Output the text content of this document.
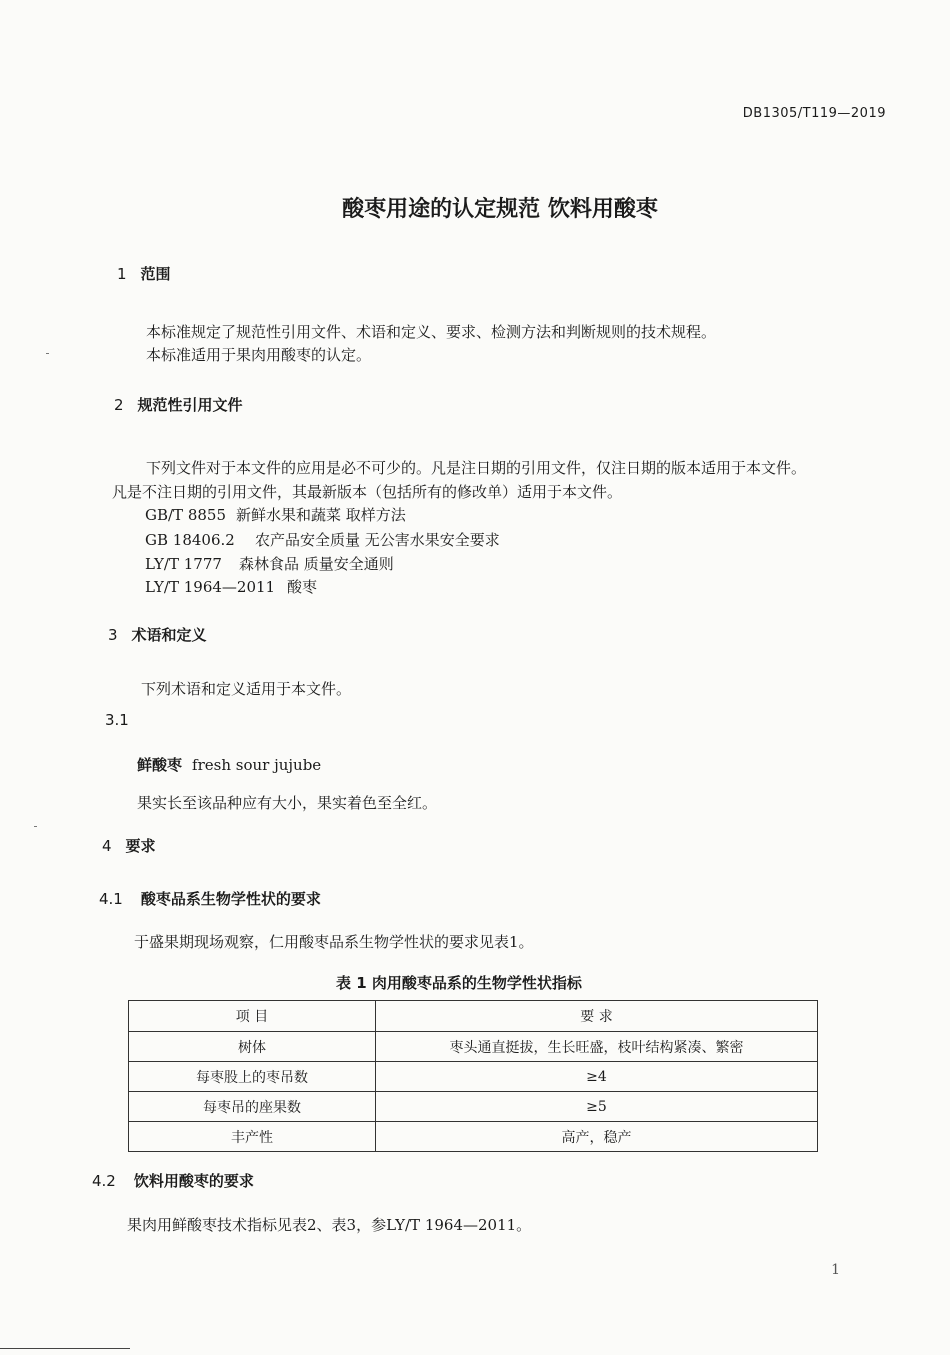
DB1305/T119—2019
酸枣用途的认定规范 饮料用酸枣
1 范围
本标准规定了规范性引用文件、术语和定义、要求、检测方法和判断规则的技术规程。
本标准适用于果肉用酸枣的认定。
2 规范性引用文件
下列文件对于本文件的应用是必不可少的。凡是注日期的引用文件，仅注日期的版本适用于本文件。
凡是不注日期的引用文件，其最新版本（包括所有的修改单）适用于本文件。
GB/T 8855 新鲜水果和蔬菜 取样方法
GB 18406.2 农产品安全质量 无公害水果安全要求
LY/T 1777 森林食品 质量安全通则
LY/T 1964—2011 酸枣
3 术语和定义
下列术语和定义适用于本文件。
3.1
鲜酸枣 fresh sour jujube
果实长至该品种应有大小，果实着色至全红。
4 要求
4.1 酸枣品系生物学性状的要求
于盛果期现场观察，仁用酸枣品系生物学性状的要求见表1。
表 1 肉用酸枣品系的生物学性状指标
项 目	要 求
树体	枣头通直挺拔，生长旺盛，枝叶结构紧凑、繁密
每枣股上的枣吊数	≥4
每枣吊的座果数	≥5
丰产性	高产，稳产
4.2 饮料用酸枣的要求
果肉用鲜酸枣技术指标见表2、表3，参LY/T 1964—2011。
1
